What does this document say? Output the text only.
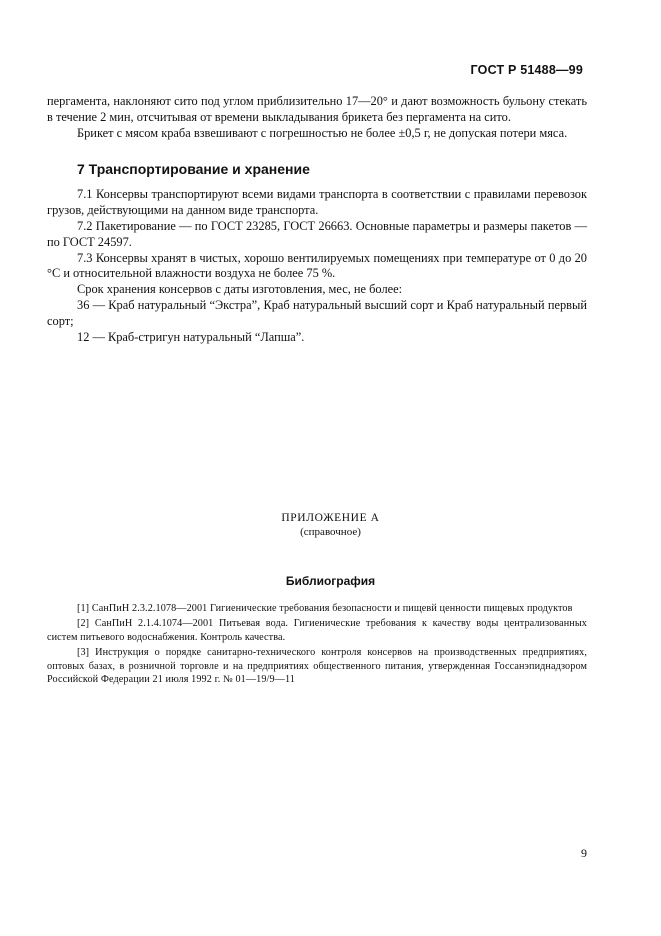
ГОСТ Р 51488—99

пергамента, наклоняют сито под углом приблизительно 17—20° и дают возможность бульону стекать в течение 2 мин, отсчитывая от времени выкладывания брикета без пергамента на сито.

Брикет с мясом краба взвешивают с погрешностью не более ±0,5 г, не допуская потери мяса.

7 Транспортирование и хранение

7.1 Консервы транспортируют всеми видами транспорта в соответствии с правилами перевозок грузов, действующими на данном виде транспорта.

7.2 Пакетирование — по ГОСТ 23285, ГОСТ 26663. Основные параметры и размеры пакетов — по ГОСТ 24597.

7.3 Консервы хранят в чистых, хорошо вентилируемых помещениях при температуре от 0 до 20 °С и относительной влажности воздуха не более 75 %.

Срок хранения консервов с даты изготовления, мес, не более:

36 — Краб натуральный “Экстра”, Краб натуральный высший сорт и Краб натуральный первый сорт;

12 — Краб-стригун натуральный “Лапша”.

ПРИЛОЖЕНИЕ А
(справочное)
Библиография

[1] СанПиН 2.3.2.1078—2001 Гигиенические требования безопасности и пищевй ценности пищевых продуктов

[2] СанПиН 2.1.4.1074—2001 Питьевая вода. Гигиенические требования к качеству воды централизованных систем питьевого водоснабжения. Контроль качества.

[3] Инструкция о порядке санитарно-технического контроля консервов на производственных предприятиях, оптовых базах, в розничной торговле и на предприятиях общественного питания, утвержденная Госсанэпиднадзором Российской Федерации 21 июля 1992 г. № 01—19/9—11

9
